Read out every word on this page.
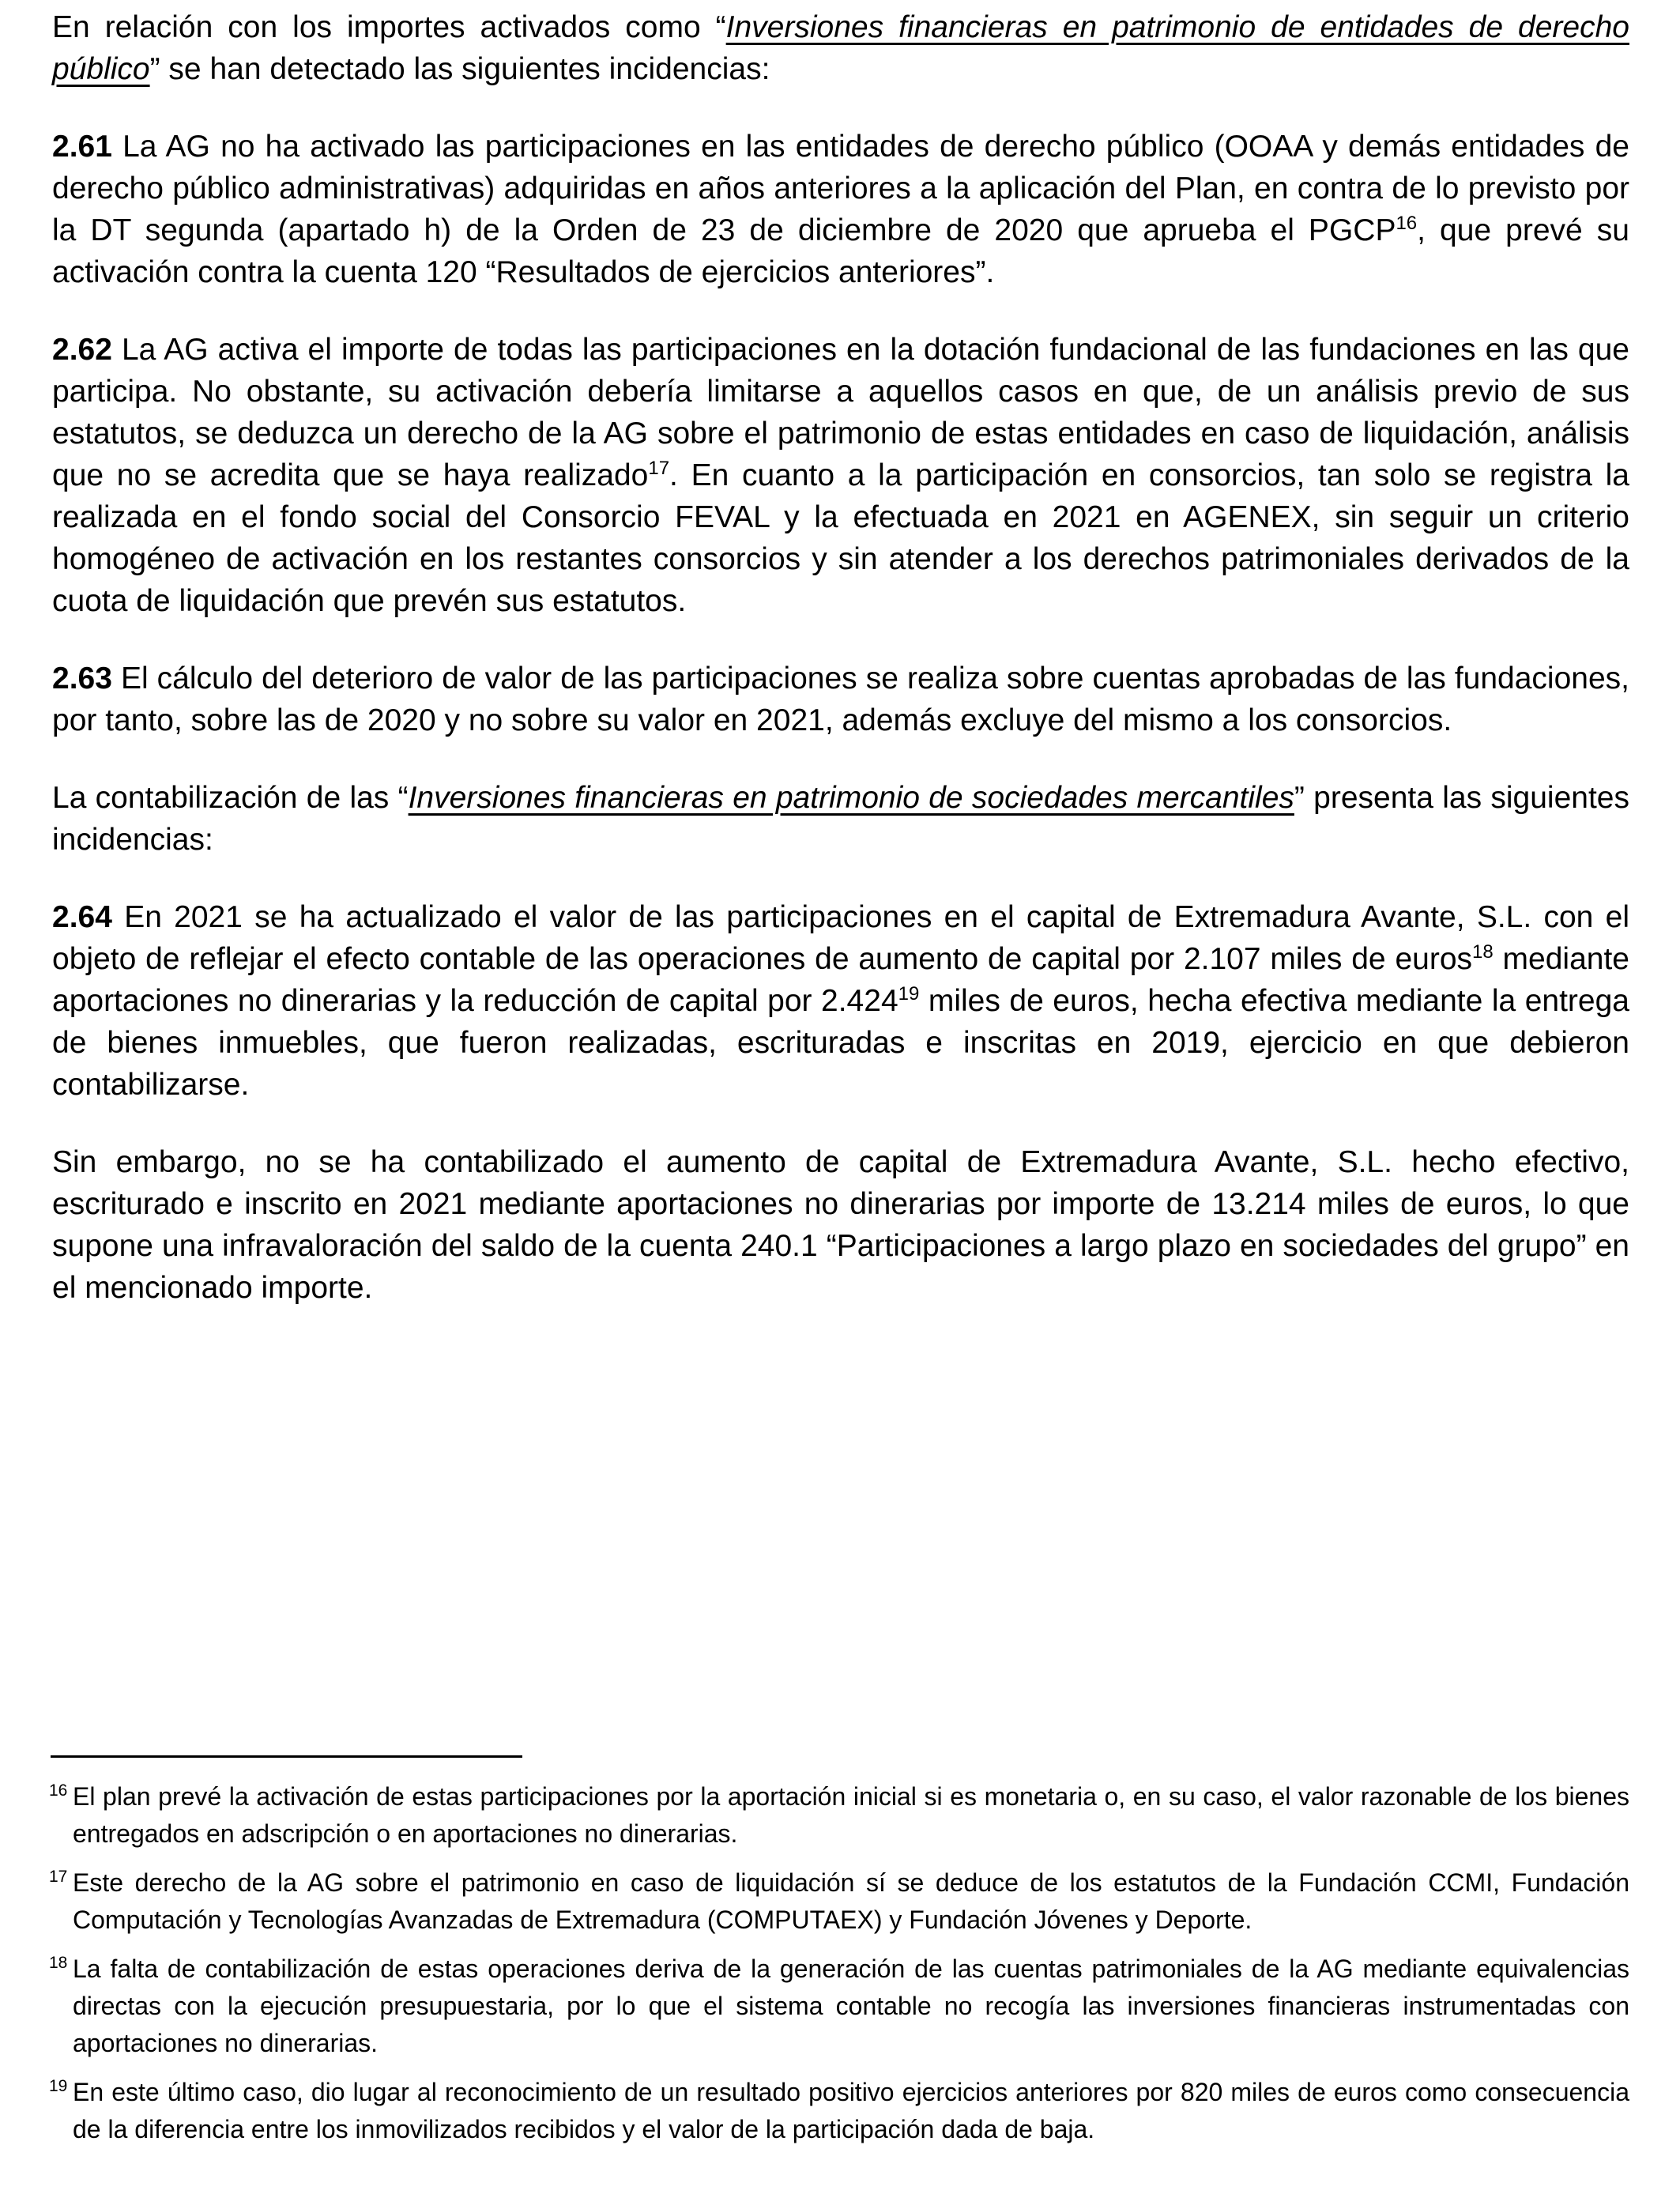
En relación con los importes activados como “Inversiones financieras en patrimonio de entidades de derecho público” se han detectado las siguientes incidencias:

2.61 La AG no ha activado las participaciones en las entidades de derecho público (OOAA y demás entidades de derecho público administrativas) adquiridas en años anteriores a la aplicación del Plan, en contra de lo previsto por la DT segunda (apartado h) de la Orden de 23 de diciembre de 2020 que aprueba el PGCP$^{16}$, que prevé su activación contra la cuenta 120 “Resultados de ejercicios anteriores”.

2.62 La AG activa el importe de todas las participaciones en la dotación fundacional de las fundaciones en las que participa. No obstante, su activación debería limitarse a aquellos casos en que, de un análisis previo de sus estatutos, se deduzca un derecho de la AG sobre el patrimonio de estas entidades en caso de liquidación, análisis que no se acredita que se haya realizado$^{17}$. En cuanto a la participación en consorcios, tan solo se registra la realizada en el fondo social del Consorcio FEVAL y la efectuada en 2021 en AGENEX, sin seguir un criterio homogéneo de activación en los restantes consorcios y sin atender a los derechos patrimoniales derivados de la cuota de liquidación que prevén sus estatutos.

2.63 El cálculo del deterioro de valor de las participaciones se realiza sobre cuentas aprobadas de las fundaciones, por tanto, sobre las de 2020 y no sobre su valor en 2021, además excluye del mismo a los consorcios.

La contabilización de las “Inversiones financieras en patrimonio de sociedades mercantiles” presenta las siguientes incidencias:

2.64 En 2021 se ha actualizado el valor de las participaciones en el capital de Extremadura Avante, S.L. con el objeto de reflejar el efecto contable de las operaciones de aumento de capital por 2.107 miles de euros$^{18}$ mediante aportaciones no dinerarias y la reducción de capital por 2.424$^{19}$ miles de euros, hecha efectiva mediante la entrega de bienes inmuebles, que fueron realizadas, escrituradas e inscritas en 2019, ejercicio en que debieron contabilizarse.

Sin embargo, no se ha contabilizado el aumento de capital de Extremadura Avante, S.L. hecho efectivo, escriturado e inscrito en 2021 mediante aportaciones no dinerarias por importe de 13.214 miles de euros, lo que supone una infravaloración del saldo de la cuenta 240.1 “Participaciones a largo plazo en sociedades del grupo” en el mencionado importe.

16 El plan prevé la activación de estas participaciones por la aportación inicial si es monetaria o, en su caso, el valor razonable de los bienes entregados en adscripción o en aportaciones no dinerarias.
17 Este derecho de la AG sobre el patrimonio en caso de liquidación sí se deduce de los estatutos de la Fundación CCMI, Fundación Computación y Tecnologías Avanzadas de Extremadura (COMPUTAEX) y Fundación Jóvenes y Deporte.
18 La falta de contabilización de estas operaciones deriva de la generación de las cuentas patrimoniales de la AG mediante equivalencias directas con la ejecución presupuestaria, por lo que el sistema contable no recogía las inversiones financieras instrumentadas con aportaciones no dinerarias.
19 En este último caso, dio lugar al reconocimiento de un resultado positivo ejercicios anteriores por 820 miles de euros como consecuencia de la diferencia entre los inmovilizados recibidos y el valor de la participación dada de baja.
